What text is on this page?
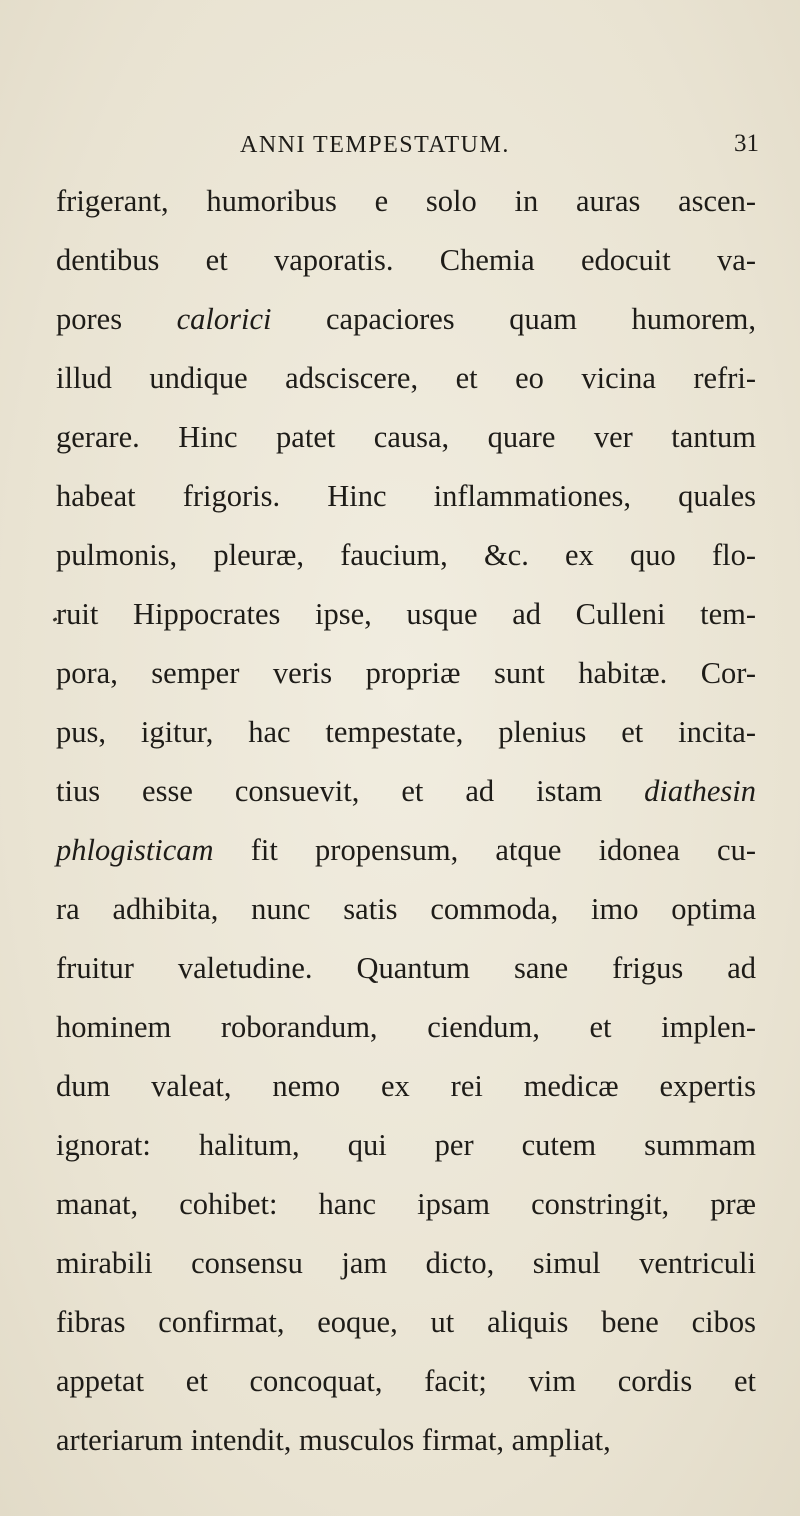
ANNI TEMPESTATUM.	31
frigerant, humoribus e solo in auras ascen-
dentibus et vaporatis. Chemia edocuit va-
pores calorici capaciores quam humorem,
illud undique adsciscere, et eo vicina refri-
gerare. Hinc patet causa, quare ver tantum
habeat frigoris. Hinc inflammationes, quales
pulmonis, pleuræ, faucium, &c. ex quo flo-
ruit Hippocrates ipse, usque ad Culleni tem-
pora, semper veris propriæ sunt habitæ. Cor-
pus, igitur, hac tempestate, plenius et incita-
tius esse consuevit, et ad istam diathesin
phlogisticam fit propensum, atque idonea cu-
ra adhibita, nunc satis commoda, imo optima
fruitur valetudine. Quantum sane frigus ad
hominem roborandum, ciendum, et implen-
dum valeat, nemo ex rei medicæ expertis
ignorat: halitum, qui per cutem summam
manat, cohibet: hanc ipsam constringit, præ
mirabili consensu jam dicto, simul ventriculi
fibras confirmat, eoque, ut aliquis bene cibos
appetat et concoquat, facit; vim cordis et
arteriarum intendit, musculos firmat, ampliat,
